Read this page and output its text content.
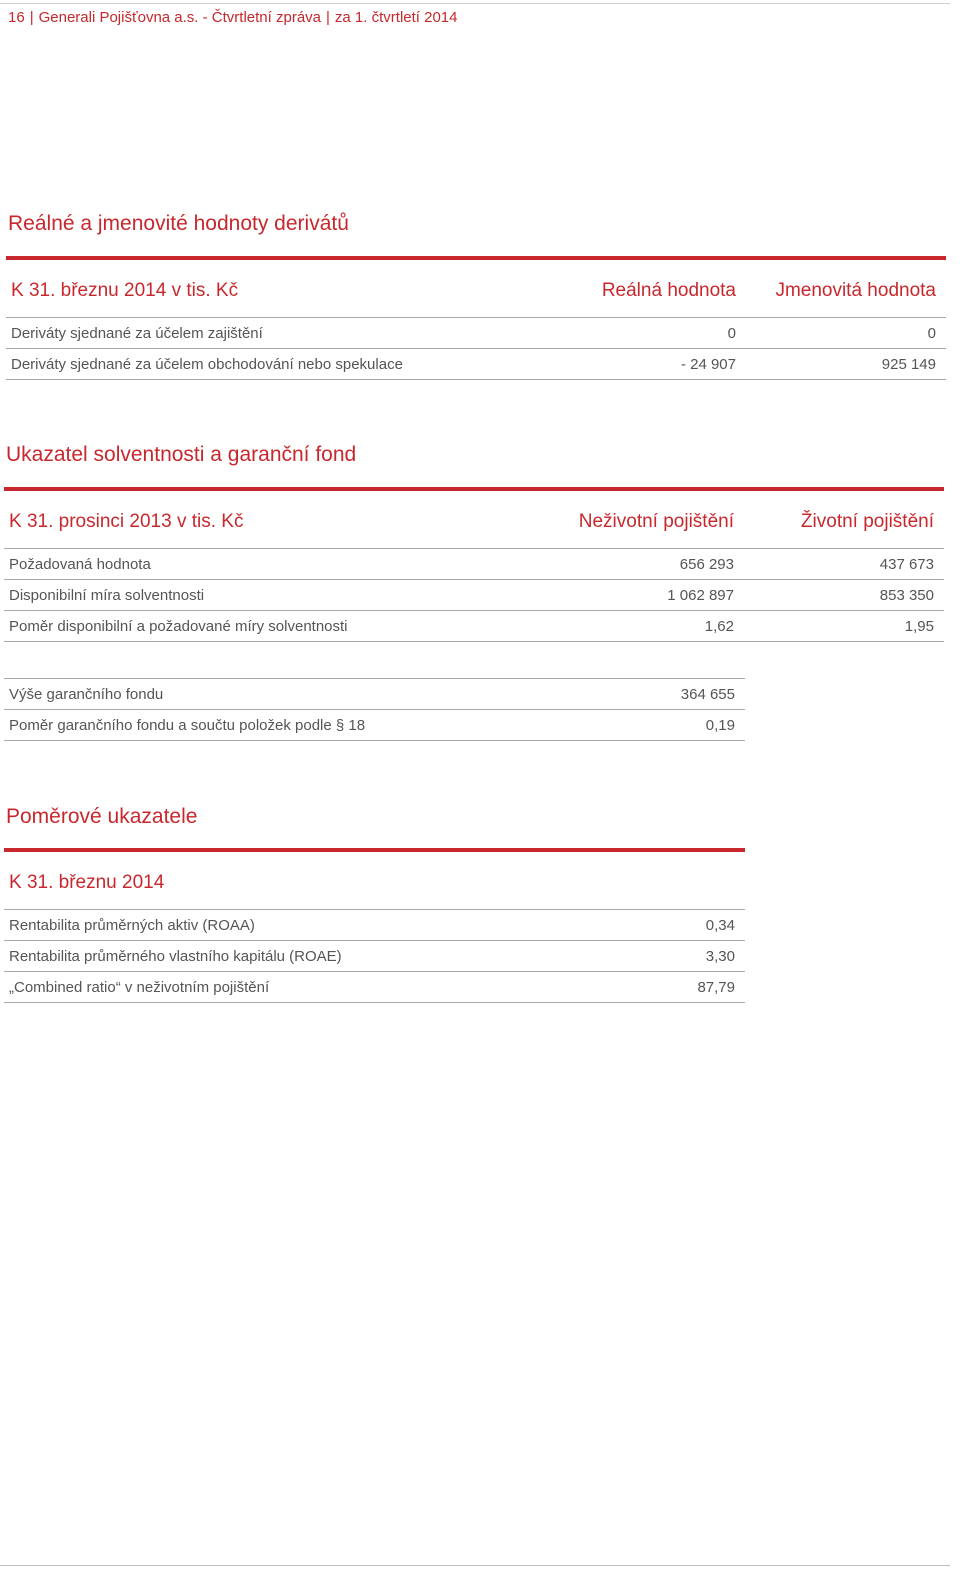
16 | Generali Pojišťovna a.s. - Čtvrtletní zpráva | za 1. čtvrtletí 2014
Reálné a jmenovité hodnoty derivátů
K 31. březnu 2014 v tis. Kč	Reálná hodnota	Jmenovitá hodnota
Deriváty sjednané za účelem zajištění	0	0
Deriváty sjednané za účelem obchodování nebo spekulace	- 24 907	925 149
Ukazatel solventnosti a garanční fond
K 31. prosinci 2013 v tis. Kč	Neživotní pojištění	Životní pojištění
Požadovaná hodnota	656 293	437 673
Disponibilní míra solventnosti	1 062 897	853 350
Poměr disponibilní a požadované míry solventnosti	1,62	1,95
Výše garančního fondu	364 655
Poměr garančního fondu a součtu položek podle § 18	0,19
Poměrové ukazatele
K 31. březnu 2014	
Rentabilita průměrných aktiv (ROAA)	0,34
Rentabilita průměrného vlastního kapitálu (ROAE)	3,30
„Combined ratio“ v neživotním pojištění	87,79
